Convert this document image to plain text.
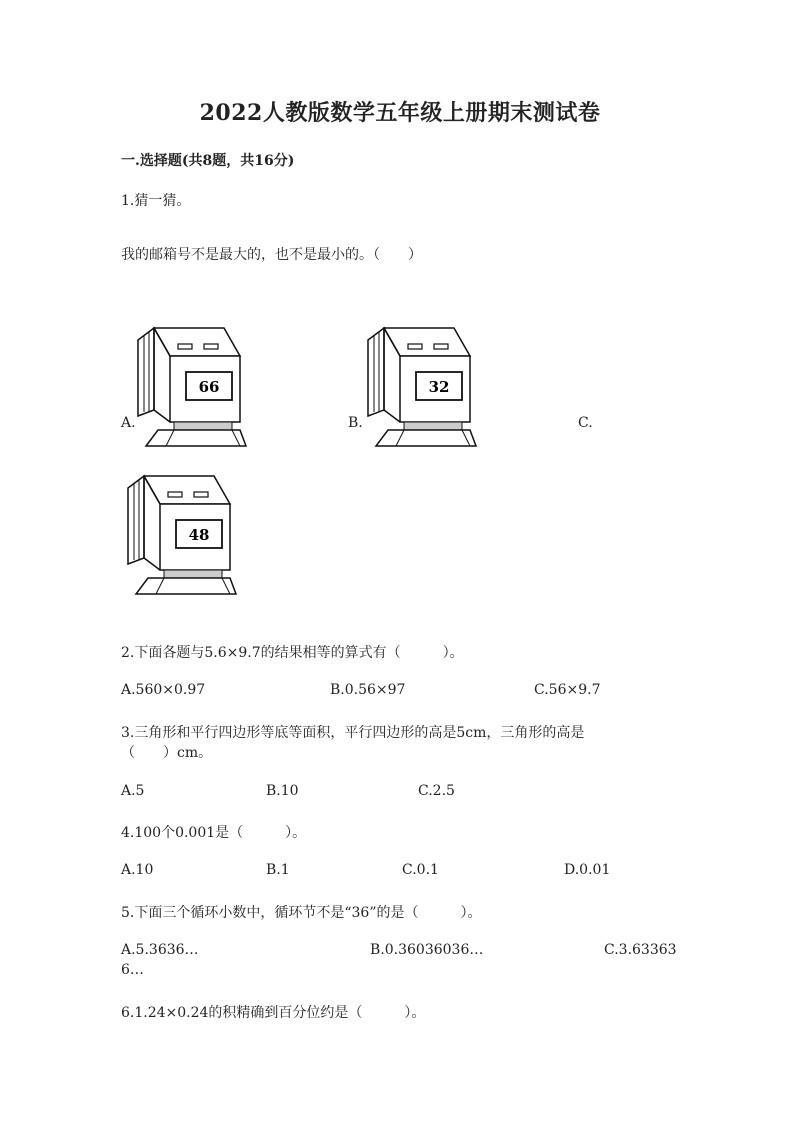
2022人教版数学五年级上册期末测试卷
一.选择题(共8题，共16分)
1.猜一猜。
我的邮箱号不是最大的，也不是最小的。（　　）
A.	B.	C.
66	32
48
2.下面各题与5.6×9.7的结果相等的算式有（　　　）。
A.560×0.97	B.0.56×97	C.56×9.7
3.三角形和平行四边形等底等面积，平行四边形的高是5cm，三角形的高是
（　　）cm。
A.5	B.10	C.2.5
4.100个0.001是（　　　）。
A.10	B.1	C.0.1	D.0.01
5.下面三个循环小数中，循环节不是“36”的是（　　　）。
A.5.3636…	B.0.36036036…	C.3.63363
6…
6.1.24×0.24的积精确到百分位约是（　　　）。
